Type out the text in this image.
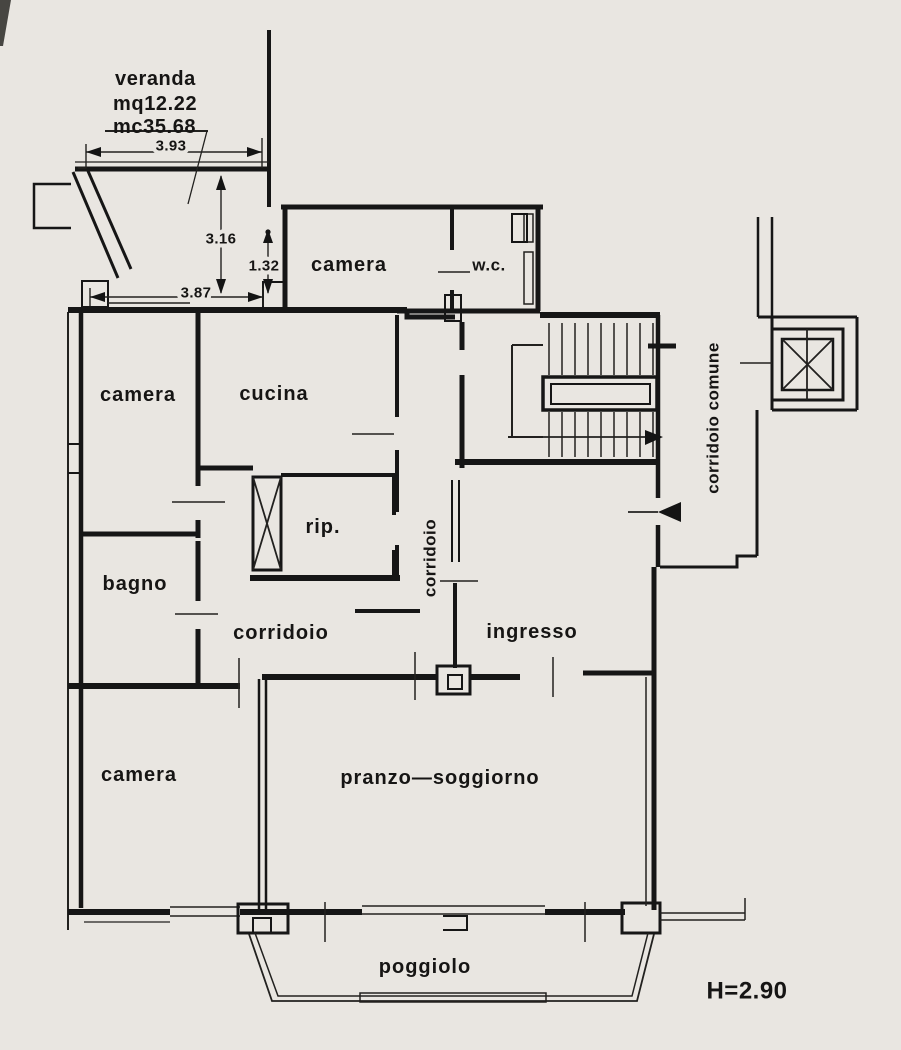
veranda
mq12.22
mc35.68
3.93
3.16
1.32
3.87
camera	w.c.
camera	cucina
bagno
rip.	corridoio
corridoio	ingresso
camera	pranzo—soggiorno
poggiolo
corridoio comune
H=2.90
